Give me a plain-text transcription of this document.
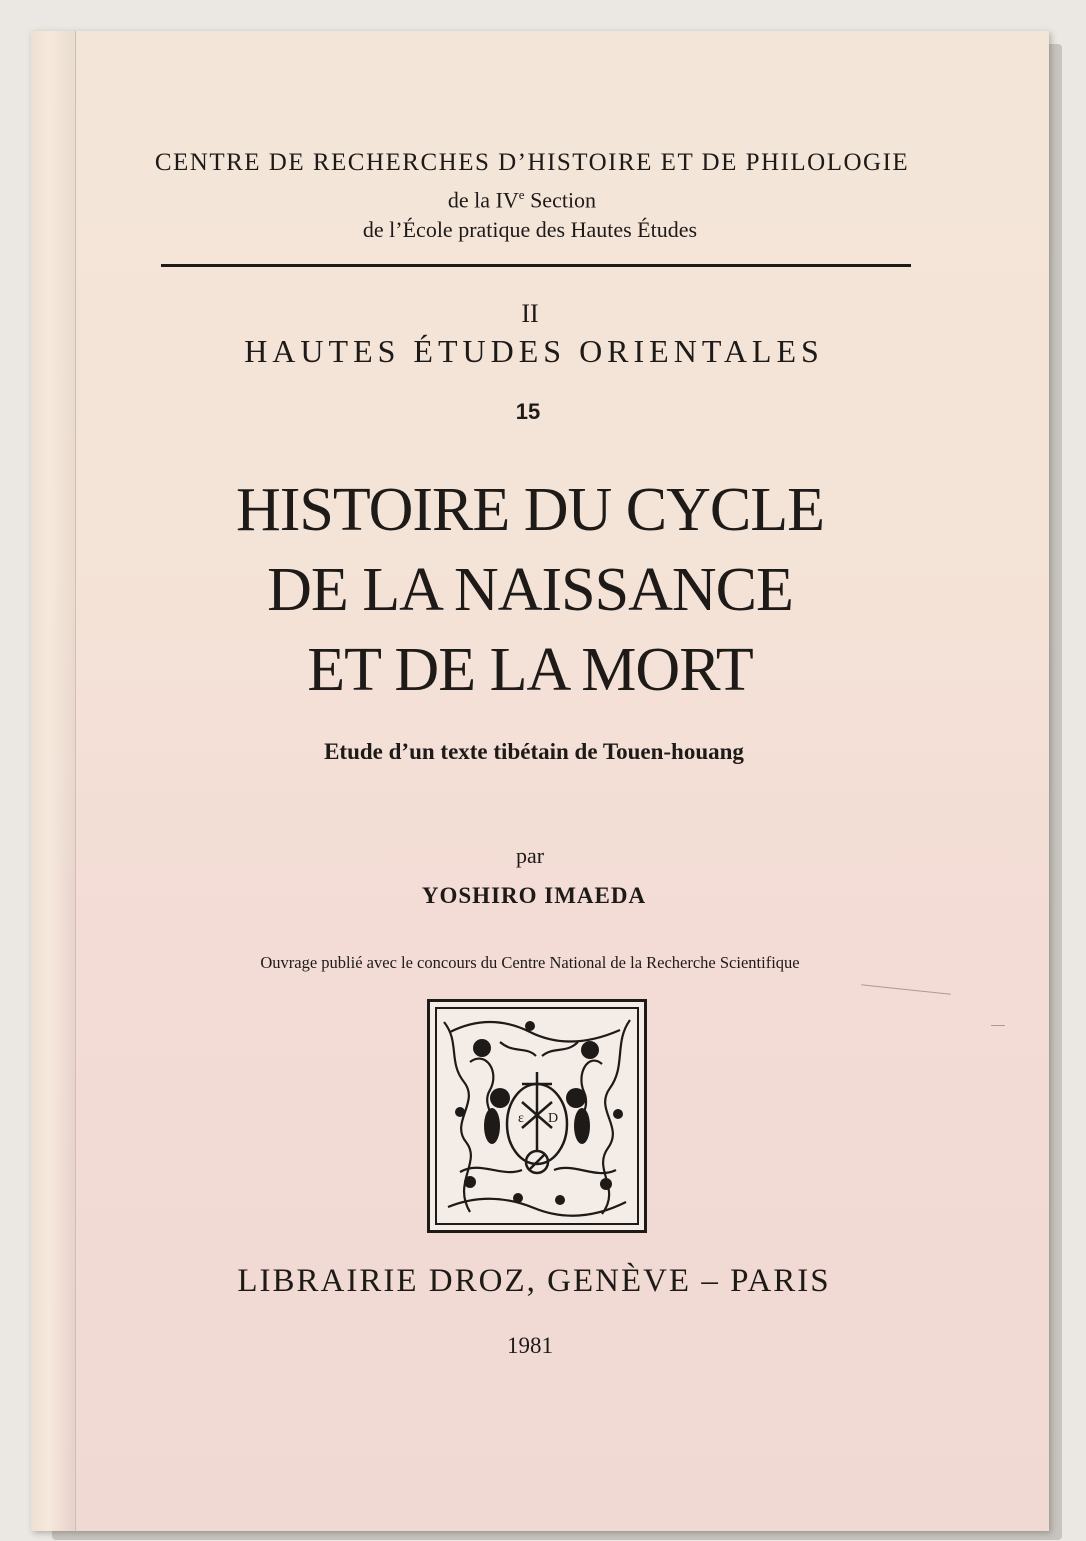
CENTRE DE RECHERCHES D’HISTOIRE ET DE PHILOLOGIE
de la IVe Section
de l’École pratique des Hautes Études
II
HAUTES ÉTUDES ORIENTALES
15
HISTOIRE DU CYCLE
DE LA NAISSANCE
ET DE LA MORT
Etude d’un texte tibétain de Touen-houang
par
YOSHIRO IMAEDA
Ouvrage publié avec le concours du Centre National de la Recherche Scientifique
ε D
LIBRAIRIE DROZ, GENÈVE – PARIS
1981
